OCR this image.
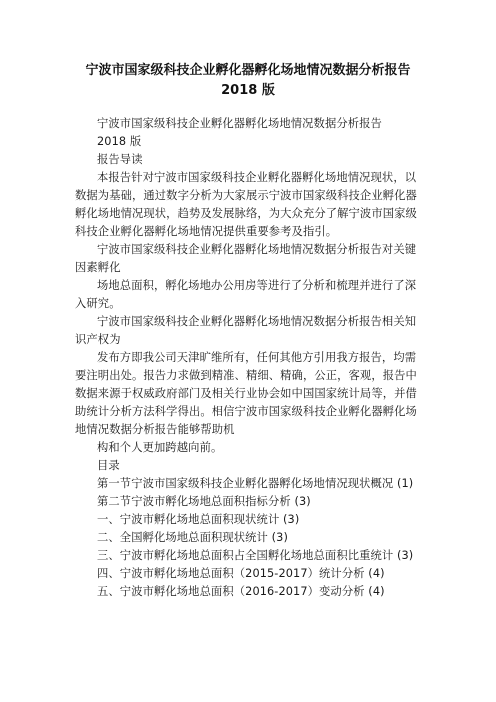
宁波市国家级科技企业孵化器孵化场地情况数据分析报告
2018 版
宁波市国家级科技企业孵化器孵化场地情况数据分析报告
2018 版
报告导读
本报告针对宁波市国家级科技企业孵化器孵化场地情况现状，以
数据为基础，通过数字分析为大家展示宁波市国家级科技企业孵化器
孵化场地情况现状，趋势及发展脉络，为大众充分了解宁波市国家级
科技企业孵化器孵化场地情况提供重要参考及指引。
宁波市国家级科技企业孵化器孵化场地情况数据分析报告对关键
因素孵化
场地总面积，孵化场地办公用房等进行了分析和梳理并进行了深
入研究。
宁波市国家级科技企业孵化器孵化场地情况数据分析报告相关知
识产权为
发布方即我公司天津旷维所有，任何其他方引用我方报告，均需
要注明出处。报告力求做到精准、精细、精确，公正，客观，报告中
数据来源于权威政府部门及相关行业协会如中国国家统计局等，并借
助统计分析方法科学得出。相信宁波市国家级科技企业孵化器孵化场
地情况数据分析报告能够帮助机
构和个人更加跨越向前。
目录
第一节宁波市国家级科技企业孵化器孵化场地情况现状概况 (1)
第二节宁波市孵化场地总面积指标分析 (3)
一、宁波市孵化场地总面积现状统计 (3)
二、全国孵化场地总面积现状统计 (3)
三、宁波市孵化场地总面积占全国孵化场地总面积比重统计 (3)
四、宁波市孵化场地总面积（2015-2017）统计分析 (4)
五、宁波市孵化场地总面积（2016-2017）变动分析 (4)
